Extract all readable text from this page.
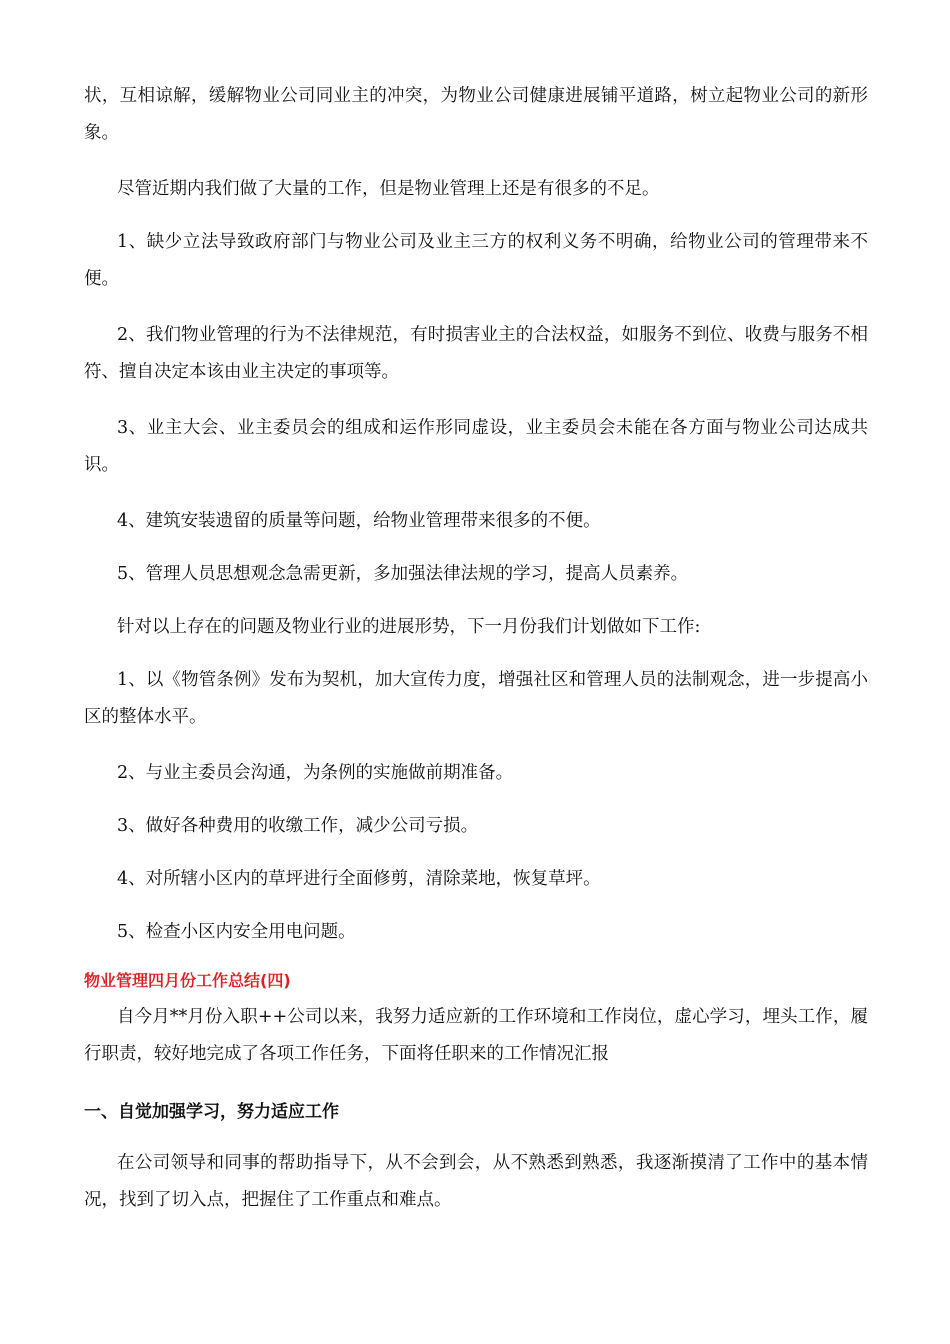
状，互相谅解，缓解物业公司同业主的冲突，为物业公司健康进展铺平道路，树立起物业公司的新形象。

尽管近期内我们做了大量的工作，但是物业管理上还是有很多的不足。

1、缺少立法导致政府部门与物业公司及业主三方的权利义务不明确，给物业公司的管理带来不便。

2、我们物业管理的行为不法律规范，有时损害业主的合法权益，如服务不到位、收费与服务不相符、擅自决定本该由业主决定的事项等。

3、业主大会、业主委员会的组成和运作形同虚设，业主委员会未能在各方面与物业公司达成共识。

4、建筑安装遗留的质量等问题，给物业管理带来很多的不便。

5、管理人员思想观念急需更新，多加强法律法规的学习，提高人员素养。

针对以上存在的问题及物业行业的进展形势，下一月份我们计划做如下工作:

1、以《物管条例》发布为契机，加大宣传力度，增强社区和管理人员的法制观念，进一步提高小区的整体水平。

2、与业主委员会沟通，为条例的实施做前期准备。

3、做好各种费用的收缴工作，减少公司亏损。

4、对所辖小区内的草坪进行全面修剪，清除菜地，恢复草坪。

5、检查小区内安全用电问题。

物业管理四月份工作总结(四)

自今月**月份入职++公司以来，我努力适应新的工作环境和工作岗位，虚心学习，埋头工作，履行职责，较好地完成了各项工作任务，下面将任职来的工作情况汇报

一、自觉加强学习，努力适应工作

在公司领导和同事的帮助指导下，从不会到会，从不熟悉到熟悉，我逐渐摸清了工作中的基本情况，找到了切入点，把握住了工作重点和难点。
